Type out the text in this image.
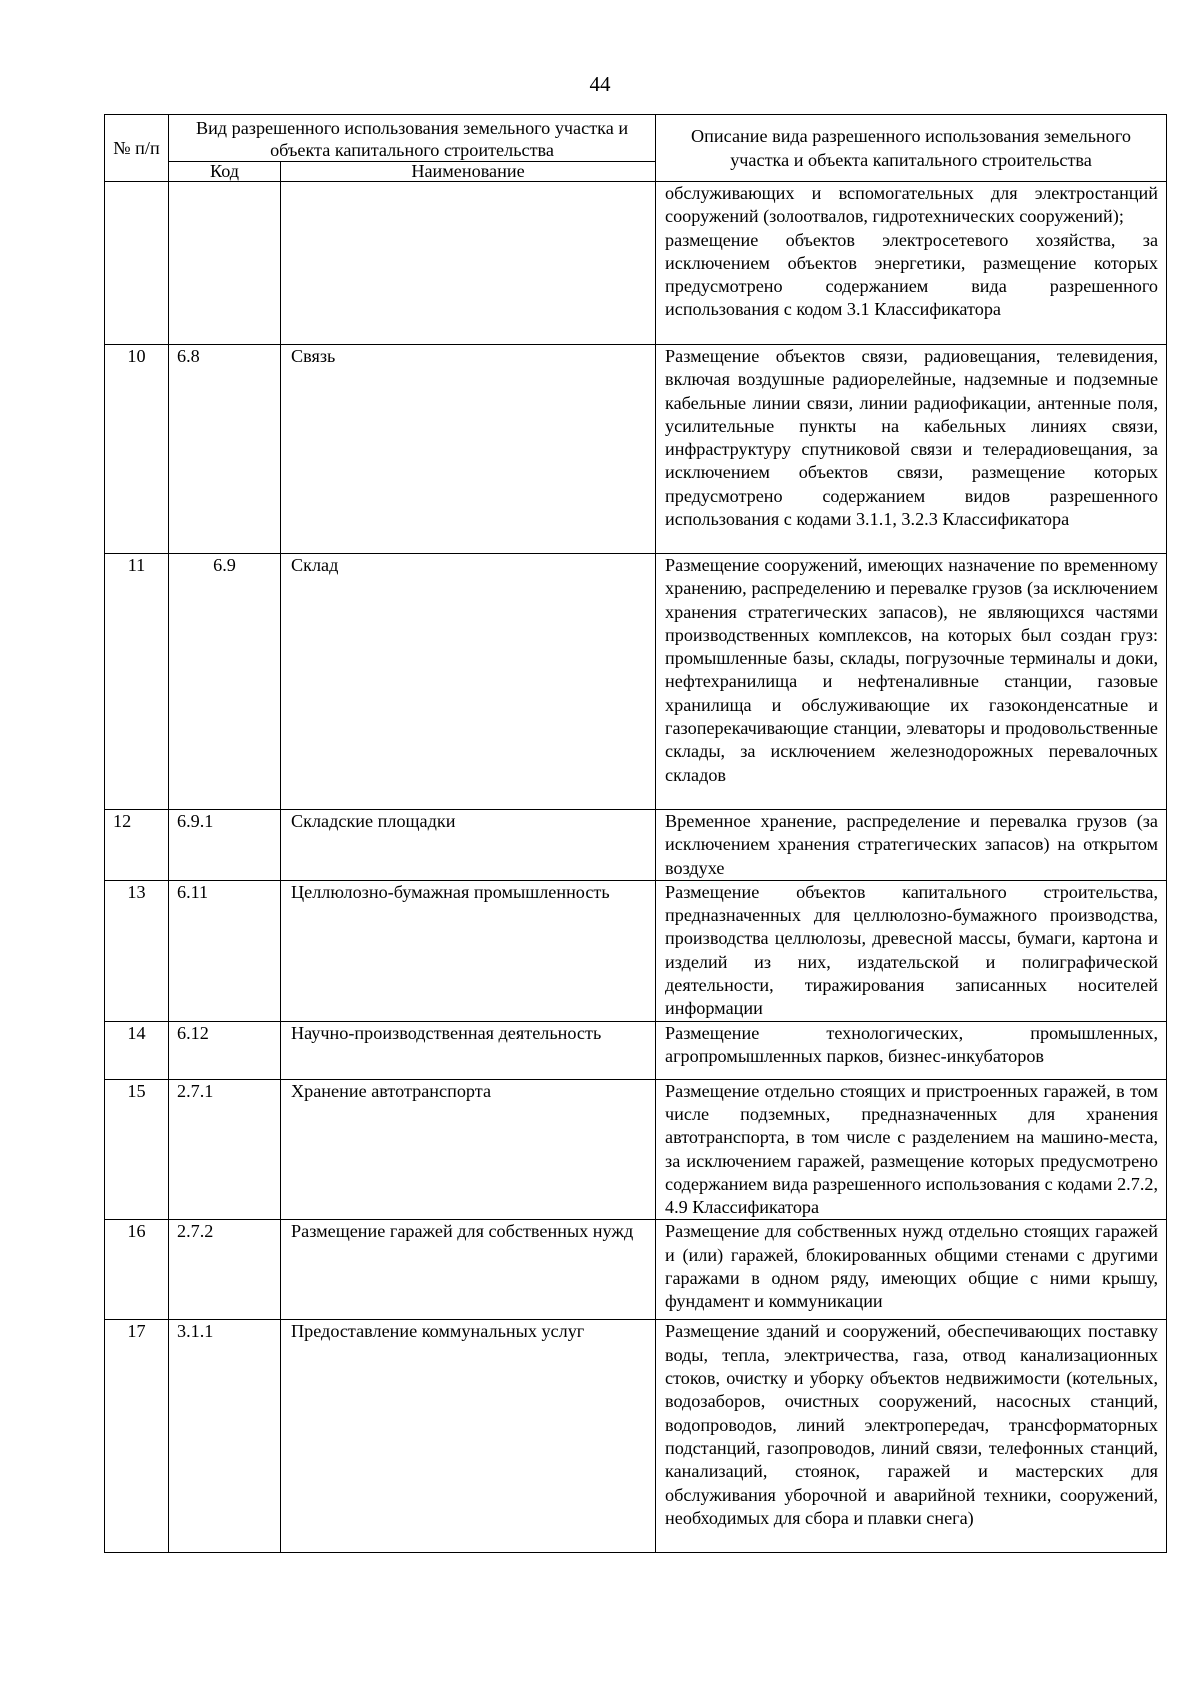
44
№ п/п	Вид разрешенного использования земельного участка и объекта капитального строительства		Описание вида разрешенного использования земельного участка и объекта капитального строительства
	Код	Наименование	

			обслуживающих и вспомогательных для электростанций сооружений (золоотвалов, гидротехнических сооружений);
размещение объектов электросетевого хозяйства, за исключением объектов энергетики, размещение которых предусмотрено содержанием вида разрешенного использования с кодом 3.1 Классификатора

10	6.8	Связь	Размещение объектов связи, радиовещания, телевидения, включая воздушные радиорелейные, надземные и подземные кабельные линии связи, линии радиофикации, антенные поля, усилительные пункты на кабельных линиях связи, инфраструктуру спутниковой связи и телерадиовещания, за исключением объектов связи, размещение которых предусмотрено содержанием видов разрешенного использования с кодами 3.1.1, 3.2.3 Классификатора

11	6.9	Склад	Размещение сооружений, имеющих назначение по временному хранению, распределению и перевалке грузов (за исключением хранения стратегических запасов), не являющихся частями производственных комплексов, на которых был создан груз: промышленные базы, склады, погрузочные терминалы и доки, нефтехранилища и нефтеналивные станции, газовые хранилища и обслуживающие их газоконденсатные и газоперекачивающие станции, элеваторы и продовольственные склады, за исключением железнодорожных перевалочных складов

12	6.9.1	Складские площадки	Временное хранение, распределение и перевалка грузов (за исключением хранения стратегических запасов) на открытом воздухе

13	6.11	Целлюлозно-бумажная промышленность	Размещение объектов капитального строительства, предназначенных для целлюлозно-бумажного производства, производства целлюлозы, древесной массы, бумаги, картона и изделий из них, издательской и полиграфической деятельности, тиражирования записанных носителей информации

14	6.12	Научно-производственная деятельность	Размещение технологических, промышленных, агропромышленных парков, бизнес-инкубаторов

15	2.7.1	Хранение автотранспорта	Размещение отдельно стоящих и пристроенных гаражей, в том числе подземных, предназначенных для хранения автотранспорта, в том числе с разделением на машино-места, за исключением гаражей, размещение которых предусмотрено содержанием вида разрешенного использования с кодами 2.7.2, 4.9 Классификатора

16	2.7.2	Размещение гаражей для собственных нужд	Размещение для собственных нужд отдельно стоящих гаражей и (или) гаражей, блокированных общими стенами с другими гаражами в одном ряду, имеющих общие с ними крышу, фундамент и коммуникации

17	3.1.1	Предоставление коммунальных услуг	Размещение зданий и сооружений, обеспечивающих поставку воды, тепла, электричества, газа, отвод канализационных стоков, очистку и уборку объектов недвижимости (котельных, водозаборов, очистных сооружений, насосных станций, водопроводов, линий электропередач, трансформаторных подстанций, газопроводов, линий связи, телефонных станций, канализаций, стоянок, гаражей и мастерских для обслуживания уборочной и аварийной техники, сооружений, необходимых для сбора и плавки снега)
